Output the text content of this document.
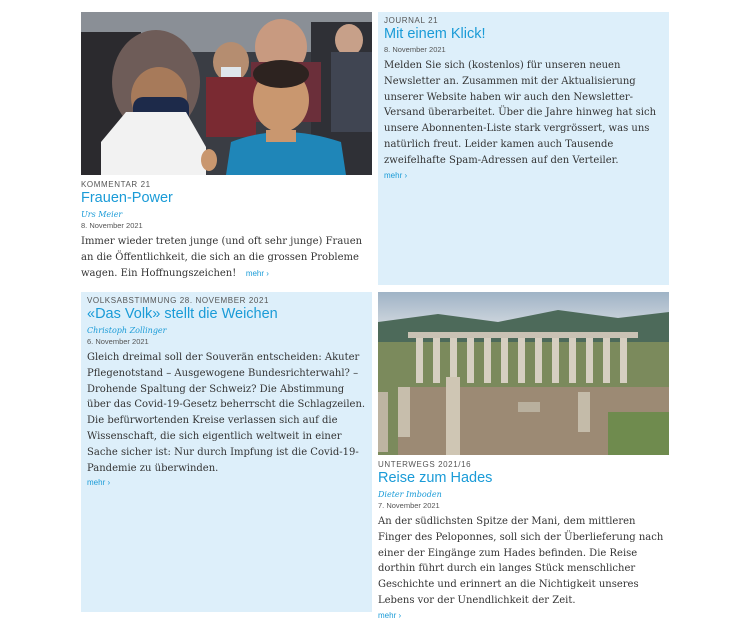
KOMMENTAR 21
Frauen-Power
Urs Meier
8. November 2021
Immer wieder treten junge (und oft sehr junge) Frauen an die Öffentlichkeit, die sich an die grossen Probleme wagen. Ein Hoffnungszeichen! mehr ›
JOURNAL 21
Mit einem Klick!
8. November 2021
Melden Sie sich (kostenlos) für unseren neuen Newsletter an. Zusammen mit der Aktualisierung unserer Website haben wir auch den Newsletter-Versand überarbeitet. Über die Jahre hinweg hat sich unsere Abonnenten-Liste stark vergrössert, was uns natürlich freut. Leider kamen auch Tausende zweifelhafte Spam-Adressen auf den Verteiler.
mehr ›
VOLKSABSTIMMUNG 28. NOVEMBER 2021
«Das Volk» stellt die Weichen
Christoph Zollinger
6. November 2021
Gleich dreimal soll der Souverän entscheiden: Akuter Pflegenotstand – Ausgewogene Bundesrichterwahl? – Drohende Spaltung der Schweiz? Die Abstimmung über das Covid-19-Gesetz beherrscht die Schlagzeilen. Die befürwortenden Kreise verlassen sich auf die Wissenschaft, die sich eigentlich weltweit in einer Sache sicher ist: Nur durch Impfung ist die Covid-19-Pandemie zu überwinden.
mehr ›
UNTERWEGS 2021/16
Reise zum Hades
Dieter Imboden
7. November 2021
An der südlichsten Spitze der Mani, dem mittleren Finger des Peloponnes, soll sich der Überlieferung nach einer der Eingänge zum Hades befinden. Die Reise dorthin führt durch ein langes Stück menschlicher Geschichte und erinnert an die Nichtigkeit unseres Lebens vor der Unendlichkeit der Zeit.
mehr ›
